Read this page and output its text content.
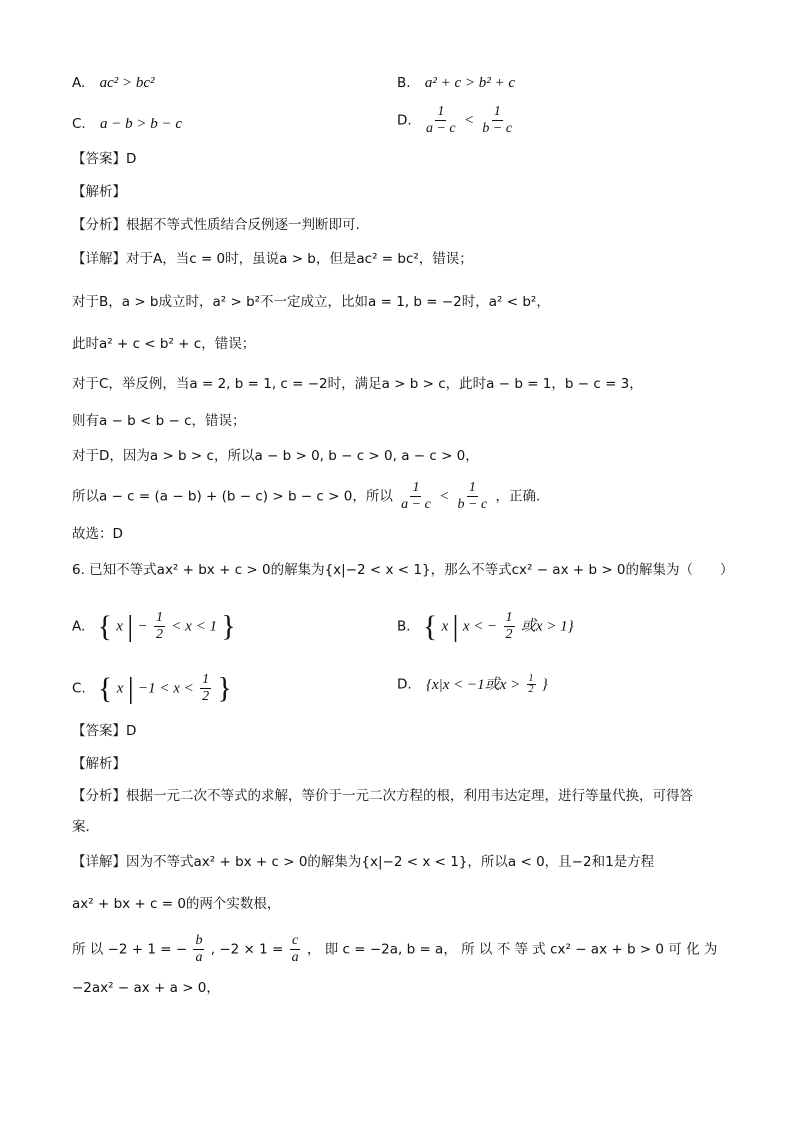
A. ac² > bc²	B. a² + c > b² + c
C. a − b > b − c	D. $\frac{1}{a - c} < \frac{1}{b - c}$
【答案】D
【解析】
【分析】根据不等式性质结合反例逐一判断即可.
【详解】对于A，当c = 0时，虽说a > b，但是ac² = bc²，错误；
对于B，a > b成立时，a² > b²不一定成立，比如a = 1, b = −2时，a² < b²，
此时a² + c < b² + c，错误；
对于C，举反例，当a = 2, b = 1, c = −2时，满足a > b > c，此时a − b = 1，b − c = 3，
则有a − b < b − c，错误；
对于D，因为a > b > c，所以a − b > 0, b − c > 0, a − c > 0，
所以a − c = (a − b) + (b − c) > b − c > 0，所以 $\frac{1}{a - c} < \frac{1}{b - c}$ ，正确.
故选：D
6. 已知不等式ax² + bx + c > 0的解集为{x|−2 < x < 1}，那么不等式cx² − ax + b > 0的解集为（　　）
A. { x | − $\frac{1}{2} < x < 1$ }	B. { x | x < − $\frac{1}{2}$ 或x > 1}
C. { x | $-1 < x < \frac{1}{2}$ }	D. {x|x < −1或$x > \frac{1}{2}$ }
【答案】D
【解析】
【分析】根据一元二次不等式的求解，等价于一元二次方程的根，利用韦达定理，进行等量代换，可得答
案.
【详解】因为不等式ax² + bx + c > 0的解集为{x|−2 < x < 1}，所以a < 0，且−2和1是方程
ax² + bx + c = 0的两个实数根，
所 以 −2 + 1 = − $\frac{b}{a}$ , $-2 \times 1 = \frac{c}{a}$ ， 即 c = −2a, b = a， 所 以 不 等 式 cx² − ax + b > 0 可 化 为
−2ax² − ax + a > 0，
